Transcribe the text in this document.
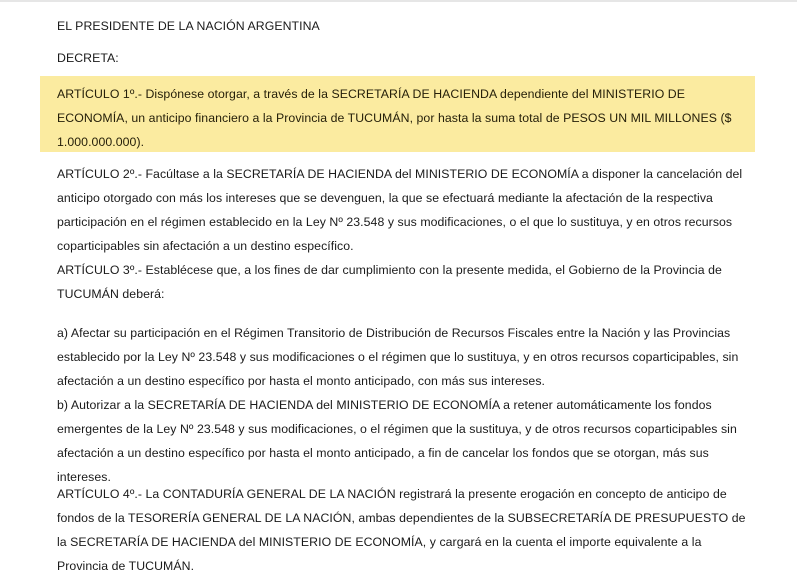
EL PRESIDENTE DE LA NACIÓN ARGENTINA
DECRETA:
ARTÍCULO 1º.- Dispónese otorgar, a través de la SECRETARÍA DE HACIENDA dependiente del MINISTERIO DE ECONOMÍA, un anticipo financiero a la Provincia de TUCUMÁN, por hasta la suma total de PESOS UN MIL MILLONES ($ 1.000.000.000).
ARTÍCULO 2º.- Facúltase a la SECRETARÍA DE HACIENDA del MINISTERIO DE ECONOMÍA a disponer la cancelación del anticipo otorgado con más los intereses que se devenguen, la que se efectuará mediante la afectación de la respectiva participación en el régimen establecido en la Ley Nº 23.548 y sus modificaciones, o el que lo sustituya, y en otros recursos coparticipables sin afectación a un destino específico.
ARTÍCULO 3º.- Establécese que, a los fines de dar cumplimiento con la presente medida, el Gobierno de la Provincia de TUCUMÁN deberá:
a) Afectar su participación en el Régimen Transitorio de Distribución de Recursos Fiscales entre la Nación y las Provincias establecido por la Ley Nº 23.548 y sus modificaciones o el régimen que lo sustituya, y en otros recursos coparticipables, sin afectación a un destino específico por hasta el monto anticipado, con más sus intereses.
b) Autorizar a la SECRETARÍA DE HACIENDA del MINISTERIO DE ECONOMÍA a retener automáticamente los fondos emergentes de la Ley Nº 23.548 y sus modificaciones, o el régimen que la sustituya, y de otros recursos coparticipables sin afectación a un destino específico por hasta el monto anticipado, a fin de cancelar los fondos que se otorgan, más sus intereses.
ARTÍCULO 4º.- La CONTADURÍA GENERAL DE LA NACIÓN registrará la presente erogación en concepto de anticipo de fondos de la TESORERÍA GENERAL DE LA NACIÓN, ambas dependientes de la SUBSECRETARÍA DE PRESUPUESTO de la SECRETARÍA DE HACIENDA del MINISTERIO DE ECONOMÍA, y cargará en la cuenta el importe equivalente a la Provincia de TUCUMÁN.
